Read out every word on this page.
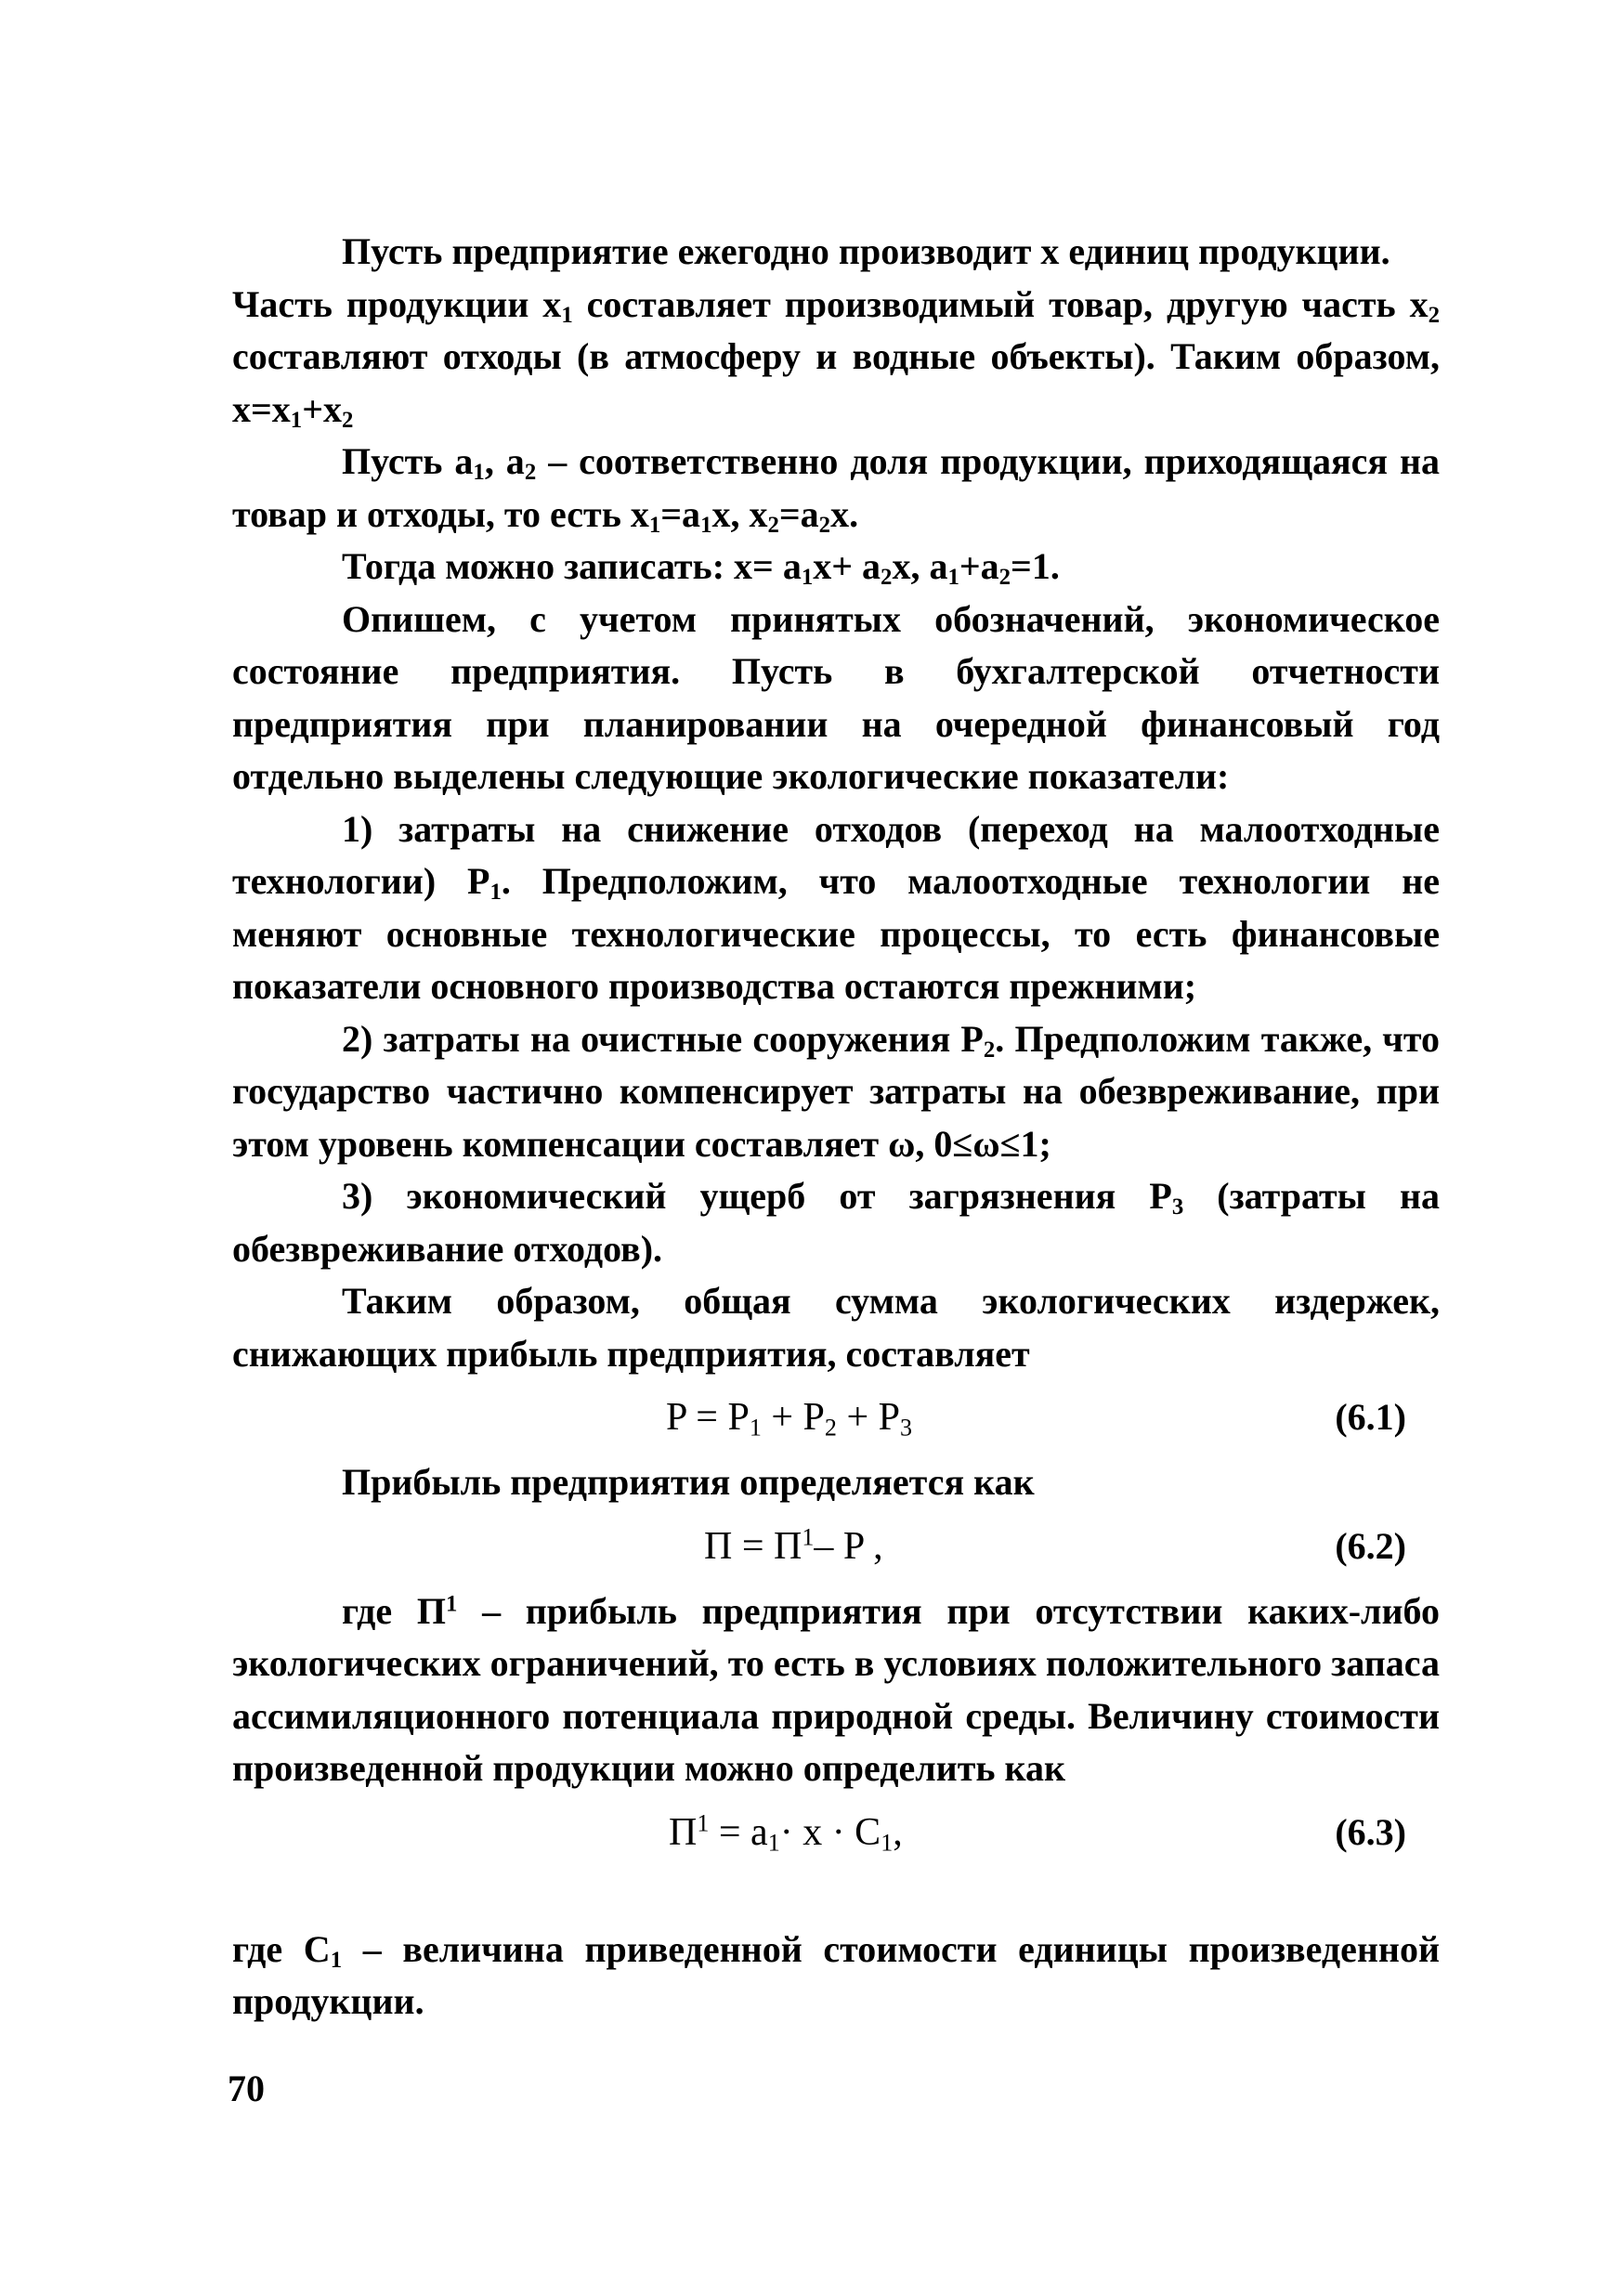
Пусть предприятие ежегодно производит х единиц продукции.

Часть продукции $х_1$ составляет производимый товар, другую часть $х_2$ составляют отходы (в атмосферу и водные объекты). Таким образом, $х=х_1+х_2$

Пусть $а_1$, $а_2$ – соответственно доля продукции, приходящаяся на товар и отходы, то есть $х_1=а_1х$, $х_2=а_2х$.

Тогда можно записать: $х= а_1х+ а_2х$, $а_1+а_2=1$.

Опишем, с учетом принятых обозначений, экономическое состояние предприятия. Пусть в бухгалтерской отчетности предприятия при планировании на очередной финансовый год отдельно выделены следующие экологические показатели:

1) затраты на снижение отходов (переход на малоотходные технологии) $Р_1$. Предположим, что малоотходные технологии не меняют основные технологические процессы, то есть финансовые показатели основного производства остаются прежними;

2) затраты на очистные сооружения $Р_2$. Предположим также, что государство частично компенсирует затраты на обезвреживание, при этом уровень компенсации составляет ω, 0≤ω≤1;

3) экономический ущерб от загрязнения $Р_3$ (затраты на обезвреживание отходов).

Таким образом, общая сумма экологических издержек, снижающих прибыль предприятия, составляет

$P = P_1 + P_2 + P_3$	(6.1)

Прибыль предприятия определяется как

$П = П^1-$ P ,	(6.2)

где $П^1$ – прибыль предприятия при отсутствии каких-либо экологических ограничений, то есть в условиях положительного запаса ассимиляционного потенциала природной среды. Величину стоимости произведенной продукции можно определить как

$П^1 = a_1\cdot x \cdot C_1$,	(6.3)

где $С_1$ – величина приведенной стоимости единицы произведенной продукции.

70
